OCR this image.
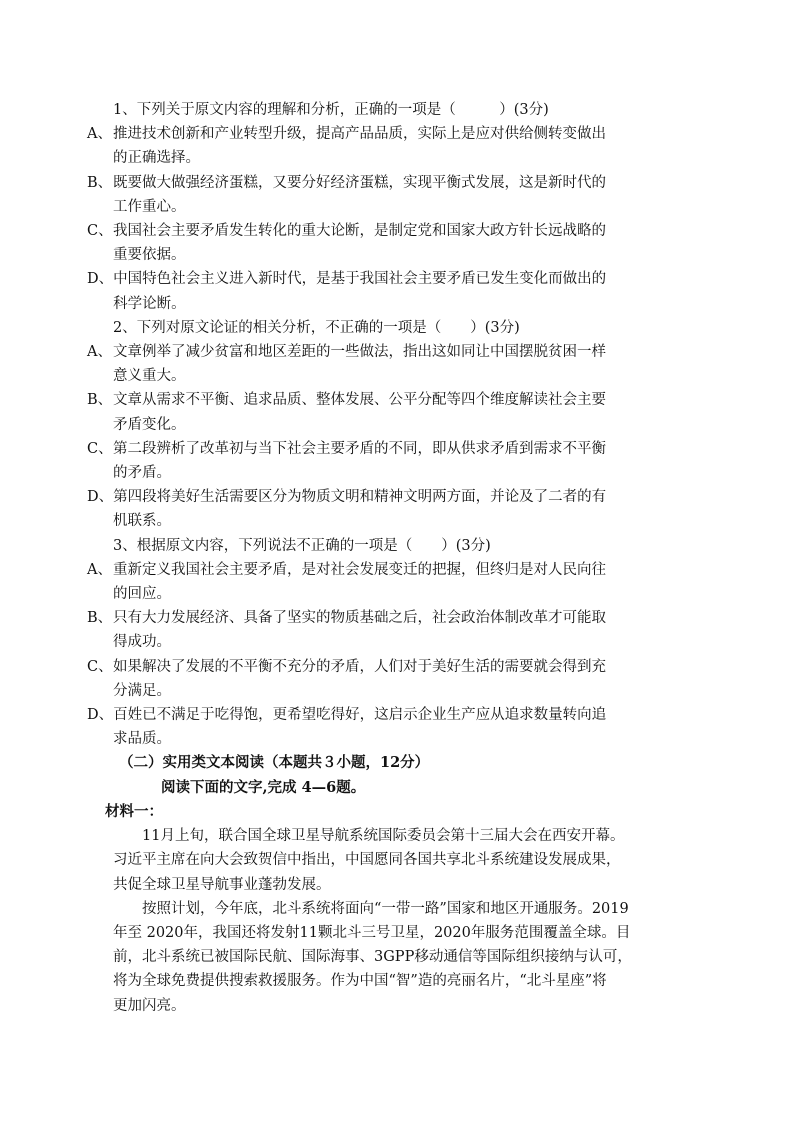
1、下列关于原文内容的理解和分析，正确的一项是（　　　）(3分)
A、 推进技术创新和产业转型升级，提高产品品质，实际上是应对供给侧转变做出
的正确选择。
B、 既要做大做强经济蛋糕，又要分好经济蛋糕，实现平衡式发展，这是新时代的
工作重心。
C、 我国社会主要矛盾发生转化的重大论断，是制定党和国家大政方针长远战略的
重要依据。
D、 中国特色社会主义进入新时代，是基于我国社会主要矛盾已发生变化而做出的
科学论断。
2、下列对原文论证的相关分析，不正确的一项是（　　）(3分)
A、 文章例举了减少贫富和地区差距的一些做法，指出这如同让中国摆脱贫困一样
意义重大。
B、 文章从需求不平衡、追求品质、整体发展、公平分配等四个维度解读社会主要
矛盾变化。
C、 第二段辨析了改革初与当下社会主要矛盾的不同，即从供求矛盾到需求不平衡
的矛盾。
D、 第四段将美好生活需要区分为物质文明和精神文明两方面，并论及了二者的有
机联系。
3、根据原文内容，下列说法不正确的一项是（　　）(3分)
A、 重新定义我国社会主要矛盾，是对社会发展变迁的把握，但终归是对人民向往
的回应。
B、 只有大力发展经济、具备了坚实的物质基础之后，社会政治体制改革才可能取
得成功。
C、 如果解决了发展的不平衡不充分的矛盾，人们对于美好生活的需要就会得到充
分满足。
D、 百姓已不满足于吃得饱，更希望吃得好，这启示企业生产应从追求数量转向追
求品质。
（二）实用类文本阅读（本题共３小题，12分）
阅读下面的文字,完成 4—6题。
材料一：
11月上旬，联合国全球卫星导航系统国际委员会第十三届大会在西安开幕。
习近平主席在向大会致贺信中指出，中国愿同各国共享北斗系统建设发展成果，
共促全球卫星导航事业蓬勃发展。
按照计划，今年底，北斗系统将面向“一带一路”国家和地区开通服务。2019
年至 2020年，我国还将发射11颗北斗三号卫星，2020年服务范围覆盖全球。目
前，北斗系统已被国际民航、国际海事、3GPP移动通信等国际组织接纳与认可，
将为全球免费提供搜索救援服务。作为中国“智”造的亮丽名片，“北斗星座”将
更加闪亮。
